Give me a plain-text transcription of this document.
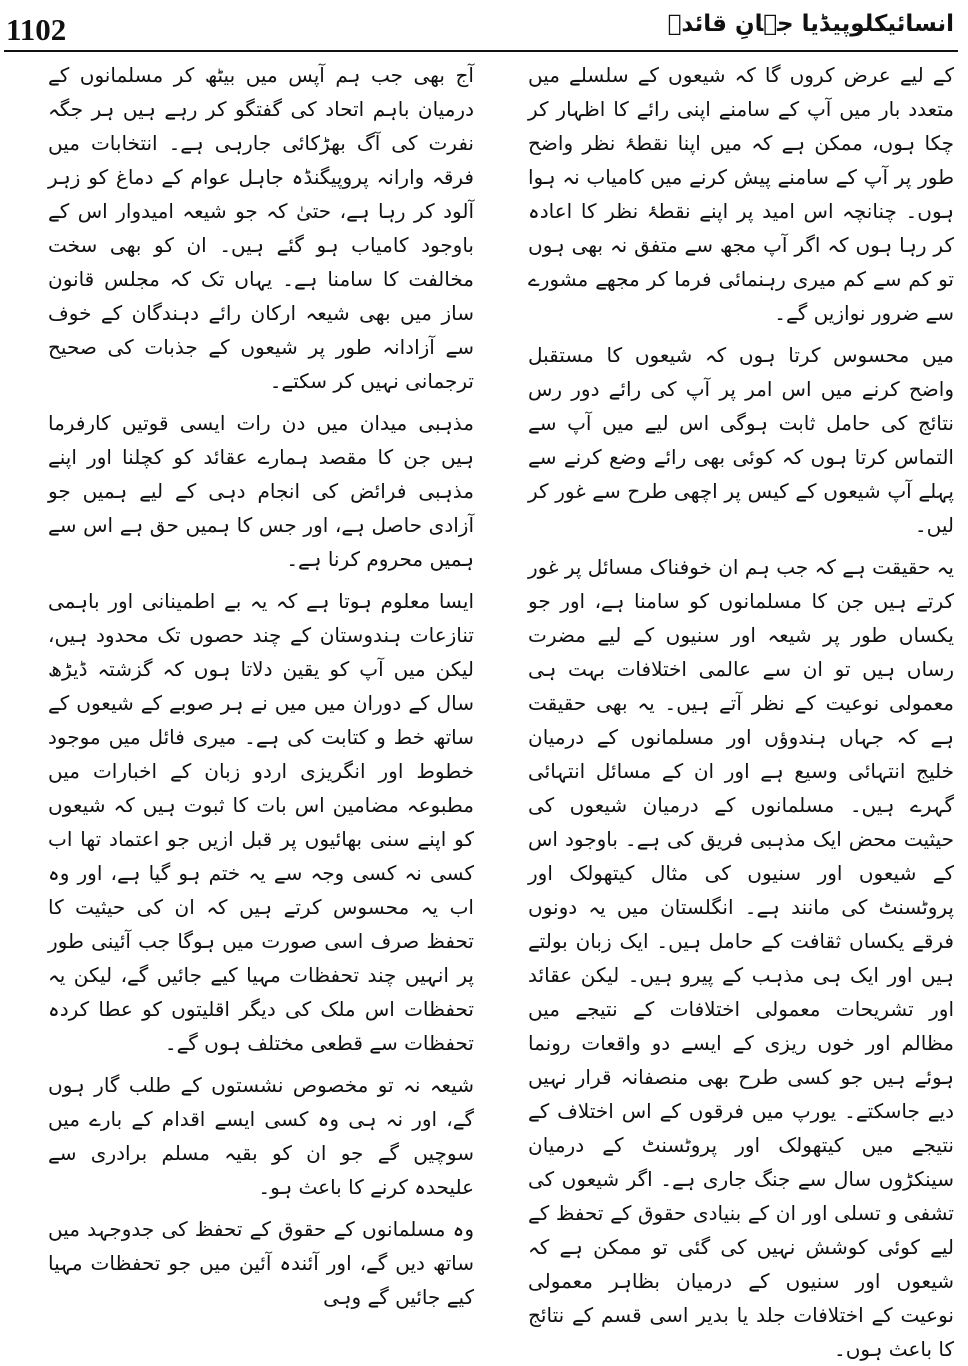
1102	انسائیکلوپیڈیا جہانِ قائدؒ

کے لیے عرض کروں گا کہ شیعوں کے سلسلے میں متعدد بار میں آپ کے سامنے اپنی رائے کا اظہار کر چکا ہوں، ممکن ہے کہ میں اپنا نقطۂ نظر واضح طور پر آپ کے سامنے پیش کرنے میں کامیاب نہ ہوا ہوں۔ چنانچہ اس امید پر اپنے نقطۂ نظر کا اعادہ کر رہا ہوں کہ اگر آپ مجھ سے متفق نہ بھی ہوں تو کم سے کم میری رہنمائی فرما کر مجھے مشورے سے ضرور نوازیں گے۔

میں محسوس کرتا ہوں کہ شیعوں کا مستقبل واضح کرنے میں اس امر پر آپ کی رائے دور رس نتائج کی حامل ثابت ہوگی اس لیے میں آپ سے التماس کرتا ہوں کہ کوئی بھی رائے وضع کرنے سے پہلے آپ شیعوں کے کیس پر اچھی طرح سے غور کر لیں۔

یہ حقیقت ہے کہ جب ہم ان خوفناک مسائل پر غور کرتے ہیں جن کا مسلمانوں کو سامنا ہے، اور جو یکساں طور پر شیعہ اور سنیوں کے لیے مضرت رساں ہیں تو ان سے عالمی اختلافات بہت ہی معمولی نوعیت کے نظر آتے ہیں۔ یہ بھی حقیقت ہے کہ جہاں ہندوؤں اور مسلمانوں کے درمیان خلیج انتہائی وسیع ہے اور ان کے مسائل انتہائی گہرے ہیں۔ مسلمانوں کے درمیان شیعوں کی حیثیت محض ایک مذہبی فریق کی ہے۔ باوجود اس کے شیعوں اور سنیوں کی مثال کیتھولک اور پروٹسنٹ کی مانند ہے۔ انگلستان میں یہ دونوں فرقے یکساں ثقافت کے حامل ہیں۔ ایک زبان بولتے ہیں اور ایک ہی مذہب کے پیرو ہیں۔ لیکن عقائد اور تشریحات معمولی اختلافات کے نتیجے میں مظالم اور خوں ریزی کے ایسے دو واقعات رونما ہوئے ہیں جو کسی طرح بھی منصفانہ قرار نہیں دیے جاسکتے۔ یورپ میں فرقوں کے اس اختلاف کے نتیجے میں کیتھولک اور پروٹسنٹ کے درمیان سینکڑوں سال سے جنگ جاری ہے۔ اگر شیعوں کی تشفی و تسلی اور ان کے بنیادی حقوق کے تحفظ کے لیے کوئی کوشش نہیں کی گئی تو ممکن ہے کہ شیعوں اور سنیوں کے درمیان بظاہر معمولی نوعیت کے اختلافات جلد یا بدیر اسی قسم کے نتائج کا باعث ہوں۔

آج بھی جب ہم آپس میں بیٹھ کر مسلمانوں کے درمیان باہم اتحاد کی گفتگو کر رہے ہیں ہر جگہ نفرت کی آگ بھڑکائی جارہی ہے۔ انتخابات میں فرقہ وارانہ پروپیگنڈہ جاہل عوام کے دماغ کو زہر آلود کر رہا ہے، حتیٰ کہ جو شیعہ امیدوار اس کے باوجود کامیاب ہو گئے ہیں۔ ان کو بھی سخت مخالفت کا سامنا ہے۔ یہاں تک کہ مجلس قانون ساز میں بھی شیعہ ارکان رائے دہندگان کے خوف سے آزادانہ طور پر شیعوں کے جذبات کی صحیح ترجمانی نہیں کر سکتے۔

مذہبی میدان میں دن رات ایسی قوتیں کارفرما ہیں جن کا مقصد ہمارے عقائد کو کچلنا اور اپنے مذہبی فرائض کی انجام دہی کے لیے ہمیں جو آزادی حاصل ہے، اور جس کا ہمیں حق ہے اس سے ہمیں محروم کرنا ہے۔

ایسا معلوم ہوتا ہے کہ یہ بے اطمینانی اور باہمی تنازعات ہندوستان کے چند حصوں تک محدود ہیں، لیکن میں آپ کو یقین دلاتا ہوں کہ گزشتہ ڈیڑھ سال کے دوران میں میں نے ہر صوبے کے شیعوں کے ساتھ خط و کتابت کی ہے۔ میری فائل میں موجود خطوط اور انگریزی اردو زبان کے اخبارات میں مطبوعہ مضامین اس بات کا ثبوت ہیں کہ شیعوں کو اپنے سنی بھائیوں پر قبل ازیں جو اعتماد تھا اب کسی نہ کسی وجہ سے یہ ختم ہو گیا ہے، اور وہ اب یہ محسوس کرتے ہیں کہ ان کی حیثیت کا تحفظ صرف اسی صورت میں ہوگا جب آئینی طور پر انہیں چند تحفظات مہیا کیے جائیں گے، لیکن یہ تحفظات اس ملک کی دیگر اقلیتوں کو عطا کردہ تحفظات سے قطعی مختلف ہوں گے۔

شیعہ نہ تو مخصوص نشستوں کے طلب گار ہوں گے، اور نہ ہی وہ کسی ایسے اقدام کے بارے میں سوچیں گے جو ان کو بقیہ مسلم برادری سے علیحدہ کرنے کا باعث ہو۔

وہ مسلمانوں کے حقوق کے تحفظ کی جدوجہد میں ساتھ دیں گے، اور آئندہ آئین میں جو تحفظات مہیا کیے جائیں گے وہی
